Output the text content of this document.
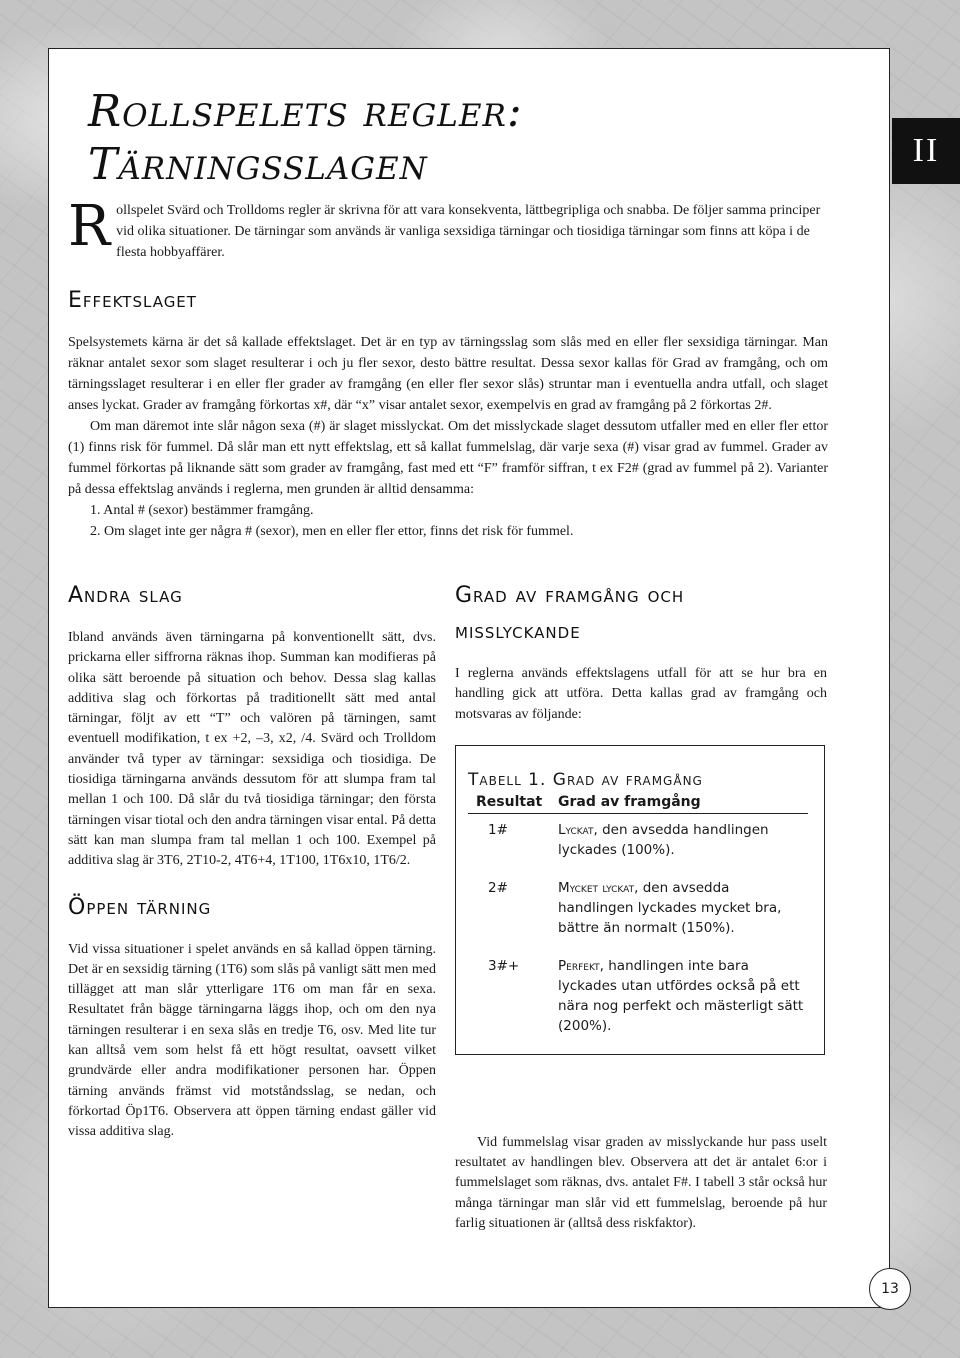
II
Rollspelets regler: Tärningsslagen

Rollspelet Svärd och Trolldoms regler är skrivna för att vara konsekventa, lättbegripliga och snabba. De följer samma principer vid olika situationer. De tärningar som används är vanliga sexsidiga tärningar och tiosidiga tärningar som finns att köpa i de flesta hobbyaffärer.

Effektslaget

Spelsystemets kärna är det så kallade effektslaget. Det är en typ av tärningsslag som slås med en eller fler sexsidiga tärningar. Man räknar antalet sexor som slaget resulterar i och ju fler sexor, desto bättre resultat. Dessa sexor kallas för Grad av framgång, och om tärningsslaget resulterar i en eller fler grader av framgång (en eller fler sexor slås) struntar man i eventuella andra utfall, och slaget anses lyckat. Grader av framgång förkortas x#, där “x” visar antalet sexor, exempelvis en grad av framgång på 2 förkortas 2#.

Om man däremot inte slår någon sexa (#) är slaget misslyckat. Om det misslyckade slaget dessutom utfaller med en eller fler ettor (1) finns risk för fummel. Då slår man ett nytt effektslag, ett så kallat fummelslag, där varje sexa (#) visar grad av fummel. Grader av fummel förkortas på liknande sätt som grader av framgång, fast med ett “F” framför siffran, t ex F2# (grad av fummel på 2). Varianter på dessa effektslag används i reglerna, men grunden är alltid densamma:

1. Antal # (sexor) bestämmer framgång.
2. Om slaget inte ger några # (sexor), men en eller fler ettor, finns det risk för fummel.
Andra slag

Ibland används även tärningarna på konventionellt sätt, dvs. prickarna eller siffrorna räknas ihop. Summan kan modifieras på olika sätt beroende på situation och behov. Dessa slag kallas additiva slag och förkortas på traditionellt sätt med antal tärningar, följt av ett “T” och valören på tärningen, samt eventuell modifikation, t ex +2, –3, x2, /4. Svärd och Trolldom använder två typer av tärningar: sexsidiga och tiosidiga. De tiosidiga tärningarna används dessutom för att slumpa fram tal mellan 1 och 100. Då slår du två tiosidiga tärningar; den första tärningen visar tiotal och den andra tärningen visar ental. På detta sätt kan man slumpa fram tal mellan 1 och 100. Exempel på additiva slag är 3T6, 2T10-2, 4T6+4, 1T100, 1T6x10, 1T6/2.

Öppen tärning

Vid vissa situationer i spelet används en så kallad öppen tärning. Det är en sexsidig tärning (1T6) som slås på vanligt sätt men med tillägget att man slår ytterligare 1T6 om man får en sexa. Resultatet från bägge tärningarna läggs ihop, och om den nya tärningen resulterar i en sexa slås en tredje T6, osv. Med lite tur kan alltså vem som helst få ett högt resultat, oavsett vilket grundvärde eller andra modifikationer personen har. Öppen tärning används främst vid motståndsslag, se nedan, och förkortad Öp1T6. Observera att öppen tärning endast gäller vid vissa additiva slag.

Grad av framgång och
misslyckande

I reglerna används effektslagens utfall för att se hur bra en handling gick att utföra. Detta kallas grad av framgång och motsvaras av följande:

Tabell 1. Grad av framgång
Resultat	Grad av framgång
1#	Lyckat, den avsedda handlingen lyckades (100%).
2#	Mycket lyckat, den avsedda handlingen lyckades mycket bra, bättre än normalt (150%).
3#+	Perfekt, handlingen inte bara lyckades utan utfördes också på ett nära nog perfekt och mästerligt sätt (200%).

Vid fummelslag visar graden av misslyckande hur pass uselt resultatet av handlingen blev. Observera att det är antalet 6:or i fummelslaget som räknas, dvs. antalet F#. I tabell 3 står också hur många tärningar man slår vid ett fummelslag, beroende på hur farlig situationen är (alltså dess riskfaktor).

13
